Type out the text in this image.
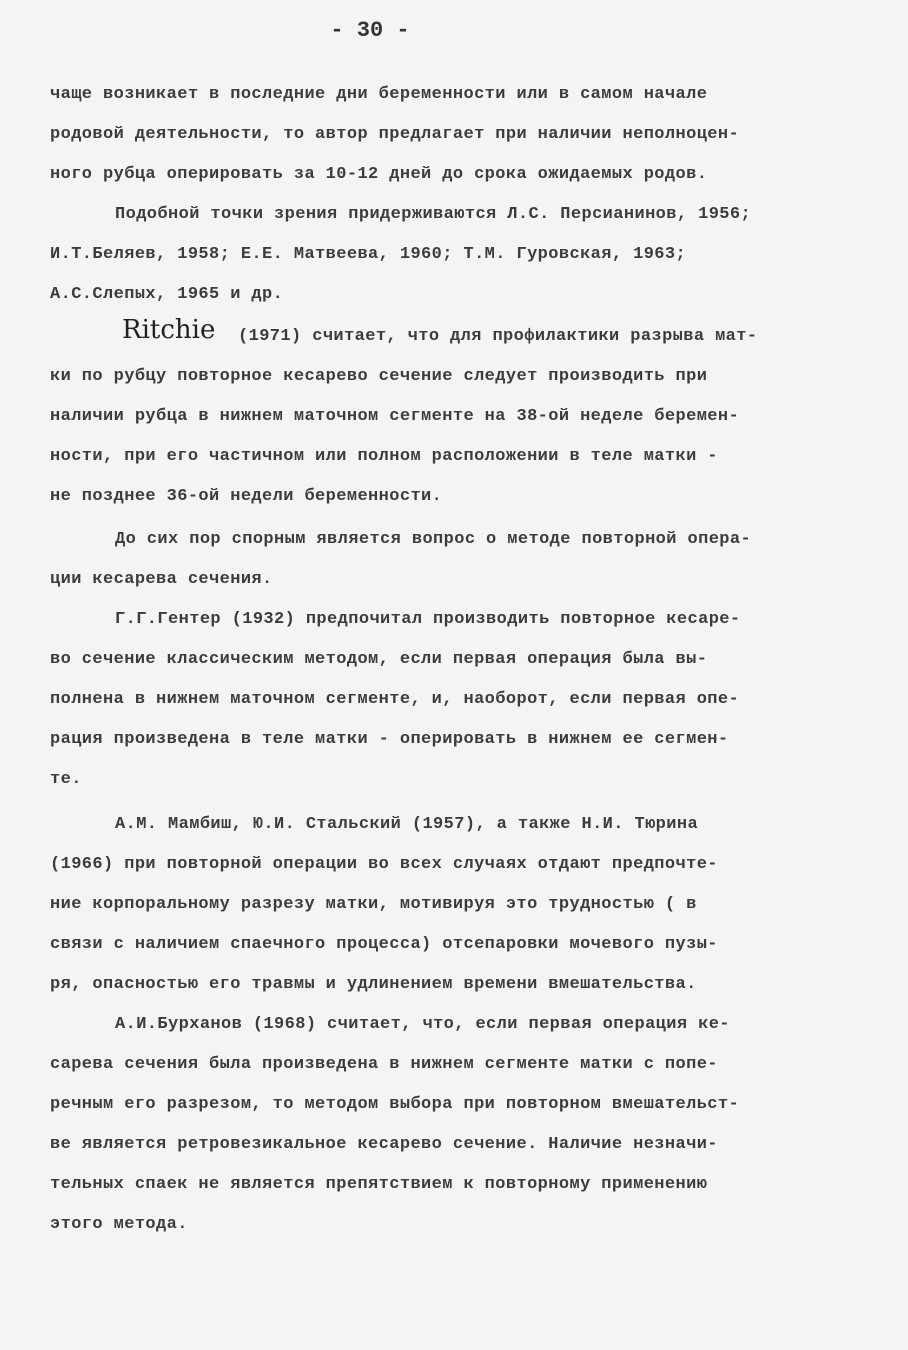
- 30 -
чаще возникает в последние дни беременности или в самом начале
родовой деятельности, то автор предлагает при наличии неполноцен-
ного рубца оперировать за 10-12 дней до срока ожидаемых родов.
Подобной точки зрения придерживаются Л.С. Персианинов, 1956;
И.Т.Беляев, 1958; Е.Е. Матвеева, 1960; Т.М. Гуровская, 1963;
А.С.Слепых, 1965 и др.
Ritchie (1971) считает, что для профилактики разрыва мат-
ки по рубцу повторное кесарево сечение следует производить при
наличии рубца в нижнем маточном сегменте на 38-ой неделе беремен-
ности, при его частичном или полном расположении в теле матки -
не позднее 36-ой недели беременности.
До сих пор спорным является вопрос о методе повторной опера-
ции кесарева сечения.
Г.Г.Гентер (1932) предпочитал производить повторное кесаре-
во сечение классическим методом, если первая операция была вы-
полнена в нижнем маточном сегменте, и, наоборот, если первая опе-
рация произведена в теле матки - оперировать в нижнем ее сегмен-
те.
А.М. Мамбиш, Ю.И. Стальский (1957), а также Н.И. Тюрина
(1966) при повторной операции во всех случаях отдают предпочте-
ние корпоральному разрезу матки, мотивируя это трудностью ( в
связи с наличием спаечного процесса) отсепаровки мочевого пузы-
ря, опасностью его травмы и удлинением времени вмешательства.
А.И.Бурханов (1968) считает, что, если первая операция ке-
сарева сечения была произведена в нижнем сегменте матки с попе-
речным его разрезом, то методом выбора при повторном вмешательст-
ве является ретровезикальное кесарево сечение. Наличие незначи-
тельных спаек не является препятствием к повторному применению
этого метода.
